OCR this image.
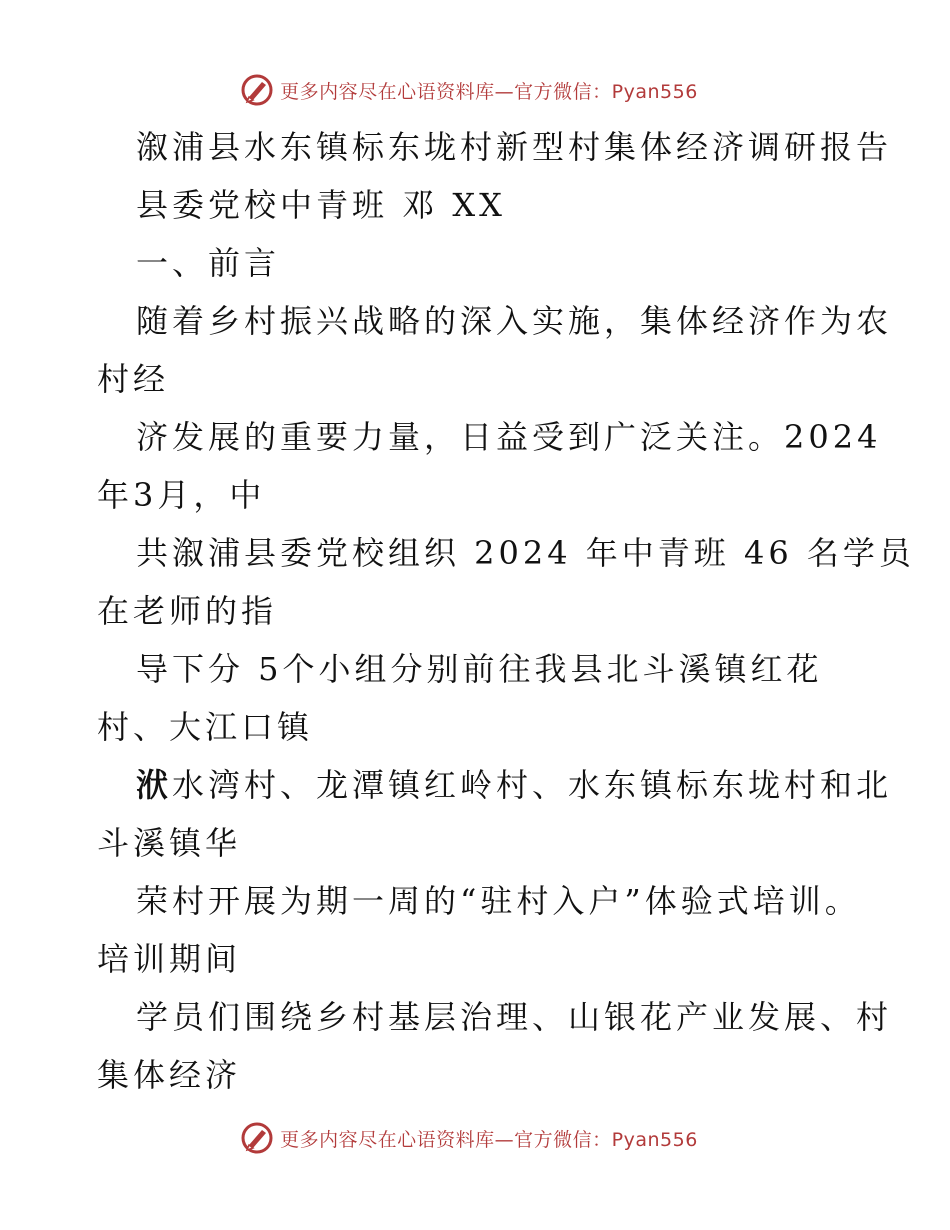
更多内容尽在心语资料库—官方微信：Pyan556
溆浦县水东镇标东垅村新型村集体经济调研报告
县委党校中青班 邓 XX
一、前言
随着乡村振兴战略的深入实施，集体经济作为农
村经
济发展的重要力量，日益受到广泛关注。2024
年3月，中
共溆浦县委党校组织 2024 年中青班 46 名学员
在老师的指
导下分 5个小组分别前往我县北斗溪镇红花
村、大江口镇
洑水湾村、龙潭镇红岭村、水东镇标东垅村和北
斗溪镇华
荣村开展为期一周的“驻村入户”体验式培训。
培训期间
学员们围绕乡村基层治理、山银花产业发展、村
集体经济
更多内容尽在心语资料库—官方微信：Pyan556
